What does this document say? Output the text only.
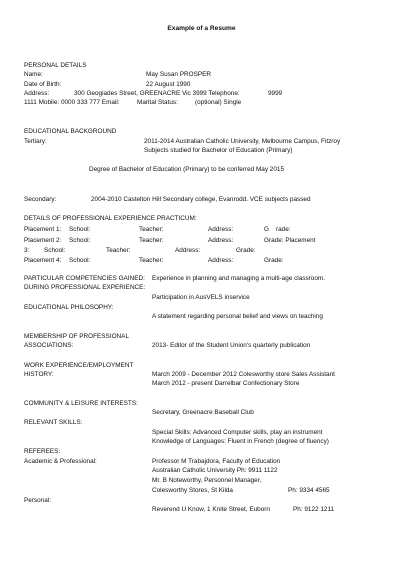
Example of a Resume
PERSONAL DETAILS
Name:	May Susan PROSPER
Date of Birth:	22 August 1990
Address:	300 Geogiades Street, GREENACRE Vic 3999 Telephone:	9999
1111 Mobile: 0000 333 777 Email:	Marital Status:	(optional) Single
EDUCATIONAL BACKGROUND
Tertiary:	2011-2014 Australian Catholic University, Melbourne Campus, Fitzroy
Subjects studied for Bachelor of Education (Primary)
Degree of Bachelor of Education (Primary) to be conferred May 2015
Secondary:	2004-2010 Castelton Hill Secondary college, Evanrodd. VCE subjects passed
DETAILS OF PROFESSIONAL EXPERIENCE PRACTICUM:
Placement 1: School:	Teacher:	Address:	G rade:
Placement 2: School:	Teacher:	Address:	Grade: Placement
3: School:	Teacher:	Address:	Grade:
Placement 4: School:	Teacher:	Address:	Grade:
PARTICULAR COMPETENCIES GAINED: Experience in planning and managing a multi-age classroom.
DURING PROFESSIONAL EXPERIENCE:
Participation in AusVELS inservice
EDUCATIONAL PHILOSOPHY:
A statement regarding personal belief and views on teaching
MEMBERSHIP OF PROFESSIONAL
ASSOCIATIONS:	2013- Editor of the Student Union's quarterly publication
WORK EXPERIENCE/EMPLOYMENT
HISTORY:	March 2009 - December 2012 Colesworthy store Sales Assistant
March 2012 - present Darrelbar Confectionary Store
COMMUNITY & LEISURE INTERESTS:
Secretary, Greenacre Baseball Club
RELEVANT SKILLS:
Special Skills: Advanced Computer skills, play an instrument
Knowledge of Languages: Fluent in French (degree of fluency)
REFEREES:
Academic & Professional:	Professor M Trabajdora, Faculty of Education
Australian Catholic University Ph: 9911 1122
Mr. B Noteworthy, Personnel Manager,
Colesworthy Stores, St Kilda	Ph: 9334 4565
Personal:
Reverend U Know, 1 Knite Street, Euborn	Ph: 9122 1211
